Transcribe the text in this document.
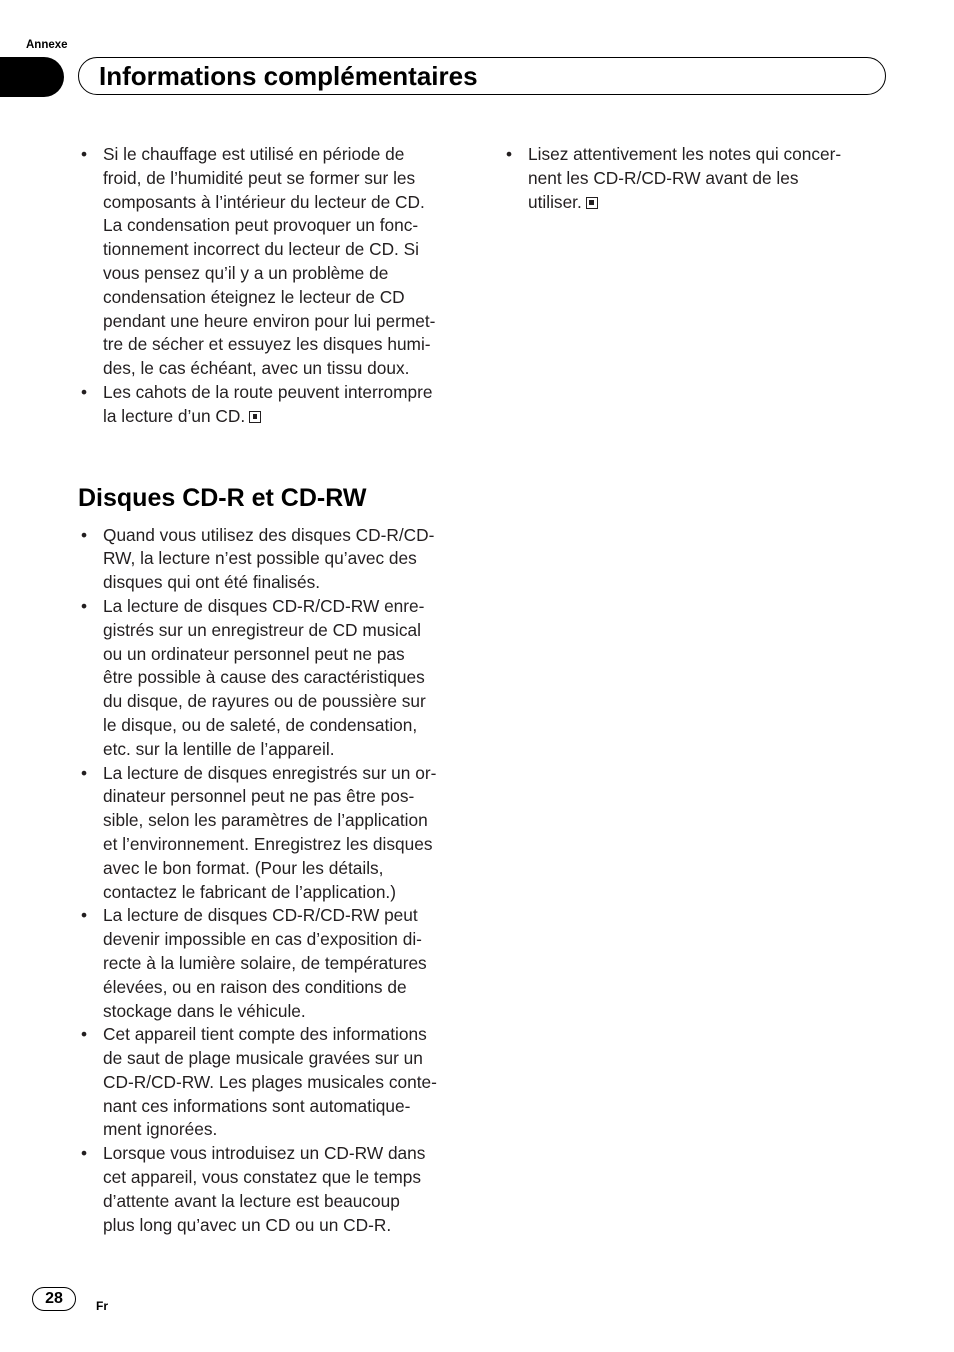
Annexe
Informations complémentaires
• Si le chauffage est utilisé en période de
froid, de l’humidité peut se former sur les
composants à l’intérieur du lecteur de CD.
La condensation peut provoquer un fonc-
tionnement incorrect du lecteur de CD. Si
vous pensez qu’il y a un problème de
condensation éteignez le lecteur de CD
pendant une heure environ pour lui permet-
tre de sécher et essuyez les disques humi-
des, le cas échéant, avec un tissu doux.
• Les cahots de la route peuvent interrompre
la lecture d’un CD.
Disques CD-R et CD-RW
• Quand vous utilisez des disques CD-R/CD-
RW, la lecture n’est possible qu’avec des
disques qui ont été finalisés.
• La lecture de disques CD-R/CD-RW enre-
gistrés sur un enregistreur de CD musical
ou un ordinateur personnel peut ne pas
être possible à cause des caractéristiques
du disque, de rayures ou de poussière sur
le disque, ou de saleté, de condensation,
etc. sur la lentille de l’appareil.
• La lecture de disques enregistrés sur un or-
dinateur personnel peut ne pas être pos-
sible, selon les paramètres de l’application
et l’environnement. Enregistrez les disques
avec le bon format. (Pour les détails,
contactez le fabricant de l’application.)
• La lecture de disques CD-R/CD-RW peut
devenir impossible en cas d’exposition di-
recte à la lumière solaire, de températures
élevées, ou en raison des conditions de
stockage dans le véhicule.
• Cet appareil tient compte des informations
de saut de plage musicale gravées sur un
CD-R/CD-RW. Les plages musicales conte-
nant ces informations sont automatique-
ment ignorées.
• Lorsque vous introduisez un CD-RW dans
cet appareil, vous constatez que le temps
d’attente avant la lecture est beaucoup
plus long qu’avec un CD ou un CD-R.
• Lisez attentivement les notes qui concer-
nent les CD-R/CD-RW avant de les
utiliser.
28	Fr
